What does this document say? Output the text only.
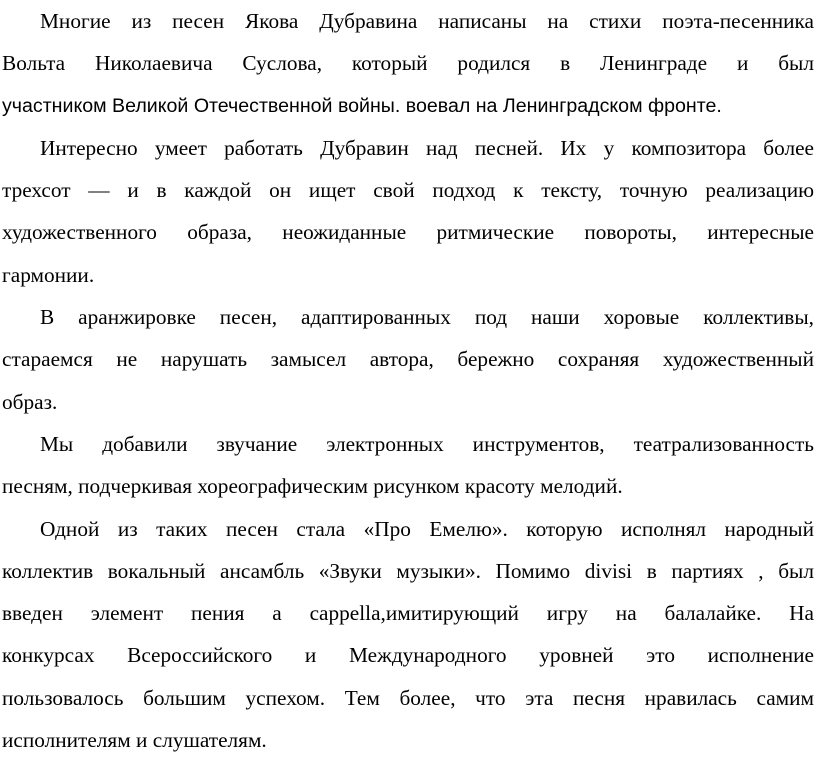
Многие из песен Якова Дубравина написаны на стихи поэта-песенника
Вольта Николаевича Суслова, который родился в Ленинграде и был
участником Великой Отечественной войны. воевал на Ленинградском фронте.

Интересно умеет работать Дубравин над песней. Их у композитора более
трехсот — и в каждой он ищет свой подход к тексту, точную реализацию
художественного образа, неожиданные ритмические повороты, интересные
гармонии.

В аранжировке песен, адаптированных под наши хоровые коллективы,
стараемся не нарушать замысел автора, бережно сохраняя художественный
образ.

Мы добавили звучание электронных инструментов, театрализованность
песням, подчеркивая хореографическим рисунком красоту мелодий.

Одной из таких песен стала «Про Емелю». которую исполнял народный
коллектив вокальный ансамбль «Звуки музыки». Помимо divisi в партиях , был
введен элемент пения а cappella,имитирующий игру на балалайке. На
конкурсах Всероссийского и Международного уровней это исполнение
пользовалось большим успехом. Тем более, что эта песня нравилась самим
исполнителям и слушателям.
